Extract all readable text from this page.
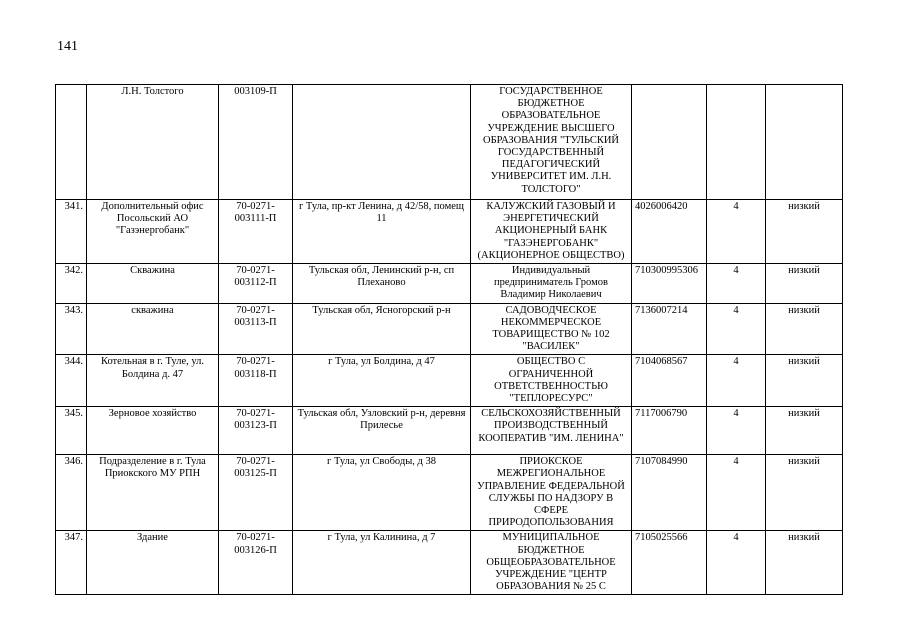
141
	Л.Н. Толстого	003109-П		ГОСУДАРСТВЕННОЕ БЮДЖЕТНОЕ ОБРАЗОВАТЕЛЬНОЕ УЧРЕЖДЕНИЕ ВЫСШЕГО ОБРАЗОВАНИЯ "ТУЛЬСКИЙ ГОСУДАРСТВЕННЫЙ ПЕДАГОГИЧЕСКИЙ УНИВЕРСИТЕТ ИМ. Л.Н. ТОЛСТОГО"			
341.	Дополнительный офис Посольский АО "Газэнергобанк"	70-0271-003111-П	г Тула, пр-кт Ленина, д 42/58, помещ 11	КАЛУЖСКИЙ ГАЗОВЫЙ И ЭНЕРГЕТИЧЕСКИЙ АКЦИОНЕРНЫЙ БАНК "ГАЗЭНЕРГОБАНК" (АКЦИОНЕРНОЕ ОБЩЕСТВО)	4026006420	4	низкий
342.	Скважина	70-0271-003112-П	Тульская обл, Ленинский р-н, сп Плехановo	Индивидуальный предприниматель Громов Владимир Николаевич	710300995306	4	низкий
343.	скважина	70-0271-003113-П	Тульская обл, Ясногорский р-н	САДОВОДЧЕСКОЕ НЕКОММЕРЧЕСКОЕ ТОВАРИЩЕСТВО № 102 "ВАСИЛЕК"	7136007214	4	низкий
344.	Котельная в г. Туле, ул. Болдина д. 47	70-0271-003118-П	г Тула, ул Болдина, д 47	ОБЩЕСТВО С ОГРАНИЧЕННОЙ ОТВЕТСТВЕННОСТЬЮ "ТЕПЛОРЕСУРС"	7104068567	4	низкий
345.	Зерновое хозяйство	70-0271-003123-П	Тульская обл, Узловский р-н, деревня Прилесье	СЕЛЬСКОХОЗЯЙСТВЕННЫЙ ПРОИЗВОДСТВЕННЫЙ КООПЕРАТИВ "ИМ. ЛЕНИНА"	7117006790	4	низкий
346.	Подразделение в г. Тула Приокского МУ РПН	70-0271-003125-П	г Тула, ул Свободы, д 38	ПРИОКСКОЕ МЕЖРЕГИОНАЛЬНОЕ УПРАВЛЕНИЕ ФЕДЕРАЛЬНОЙ СЛУЖБЫ ПО НАДЗОРУ В СФЕРЕ ПРИРОДОПОЛЬЗОВАНИЯ	7107084990	4	низкий
347.	Здание	70-0271-003126-П	г Тула, ул Калинина, д 7	МУНИЦИПАЛЬНОЕ БЮДЖЕТНОЕ ОБЩЕОБРАЗОВАТЕЛЬНОЕ УЧРЕЖДЕНИЕ "ЦЕНТР ОБРАЗОВАНИЯ № 25 С	7105025566	4	низкий
